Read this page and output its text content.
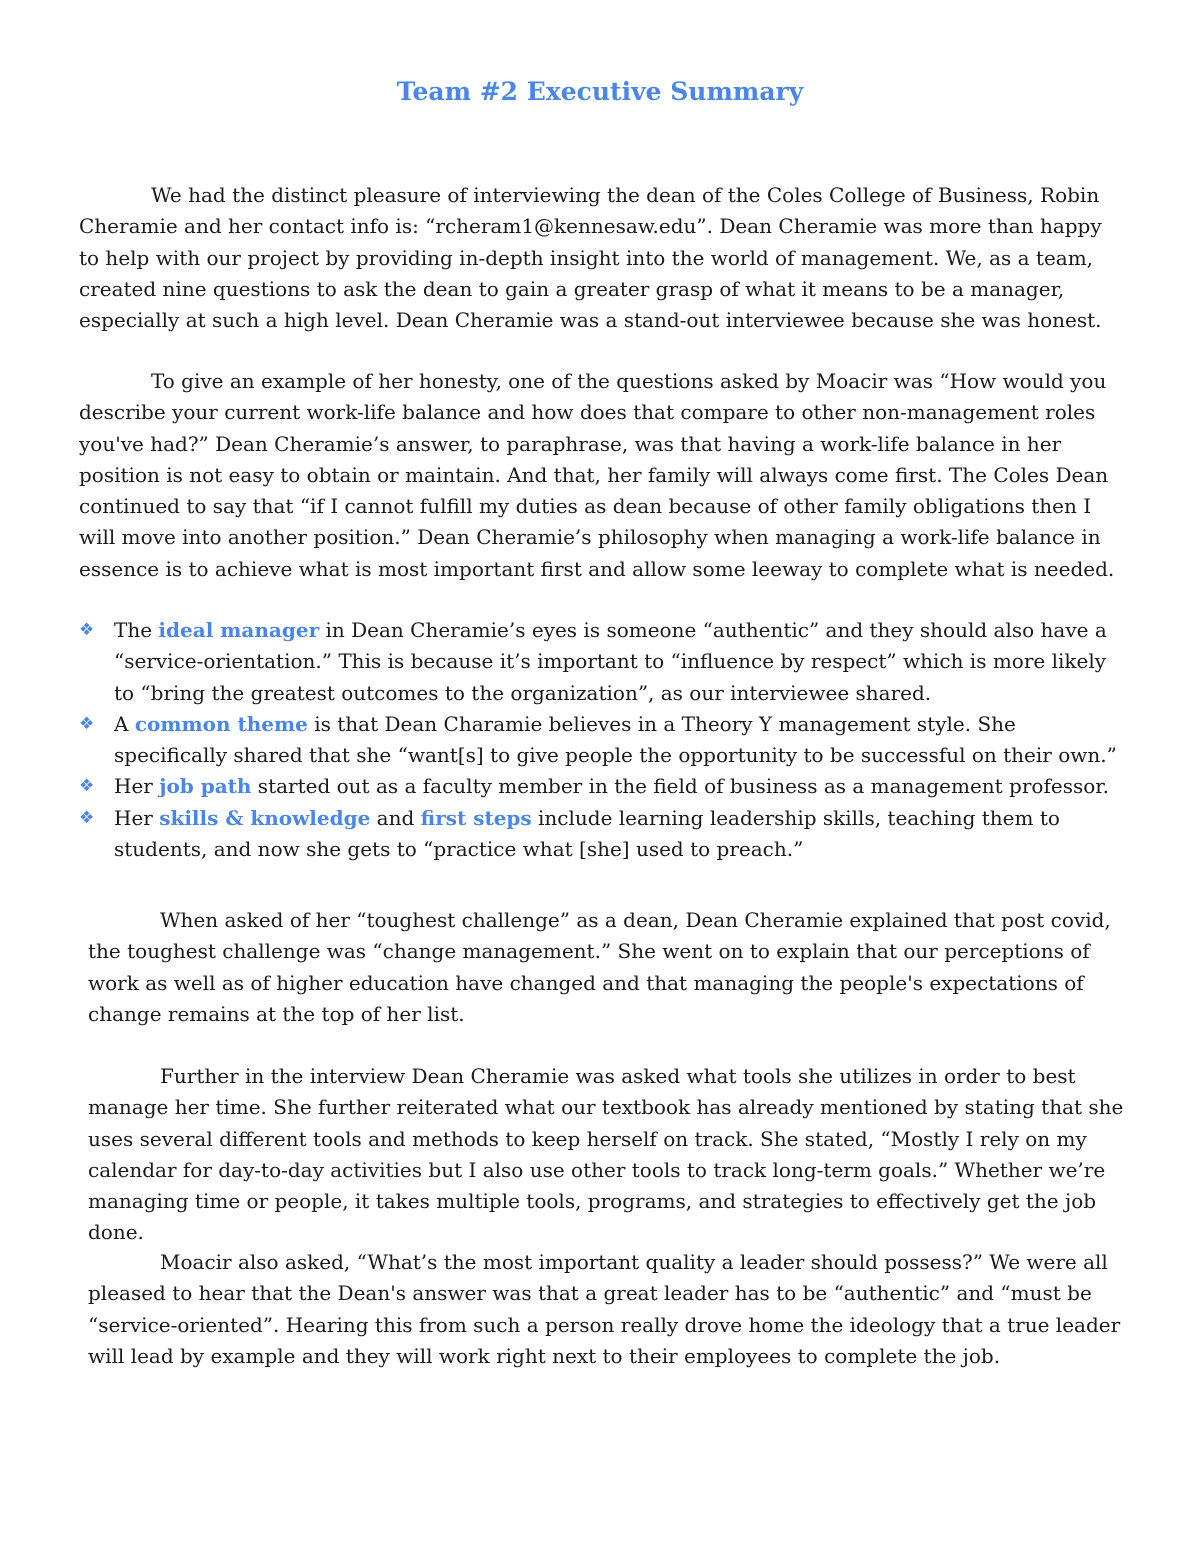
Team #2 Executive Summary

We had the distinct pleasure of interviewing the dean of the Coles College of Business, Robin Cheramie and her contact info is: “rcheram1@kennesaw.edu”. Dean Cheramie was more than happy to help with our project by providing in-depth insight into the world of management. We, as a team, created nine questions to ask the dean to gain a greater grasp of what it means to be a manager, especially at such a high level. Dean Cheramie was a stand-out interviewee because she was honest.

To give an example of her honesty, one of the questions asked by Moacir was “How would you describe your current work-life balance and how does that compare to other non-management roles you've had?” Dean Cheramie’s answer, to paraphrase, was that having a work-life balance in her position is not easy to obtain or maintain. And that, her family will always come first. The Coles Dean continued to say that “if I cannot fulfill my duties as dean because of other family obligations then I will move into another position.” Dean Cheramie’s philosophy when managing a work-life balance in essence is to achieve what is most important first and allow some leeway to complete what is needed.

❖ The ideal manager in Dean Cheramie’s eyes is someone “authentic” and they should also have a “service-orientation.” This is because it’s important to “influence by respect” which is more likely to “bring the greatest outcomes to the organization”, as our interviewee shared.
❖ A common theme is that Dean Charamie believes in a Theory Y management style. She specifically shared that she “want[s] to give people the opportunity to be successful on their own.”
❖ Her job path started out as a faculty member in the field of business as a management professor.
❖ Her skills & knowledge and first steps include learning leadership skills, teaching them to students, and now she gets to “practice what [she] used to preach.”

When asked of her “toughest challenge” as a dean, Dean Cheramie explained that post covid, the toughest challenge was “change management.” She went on to explain that our perceptions of work as well as of higher education have changed and that managing the people's expectations of change remains at the top of her list.

Further in the interview Dean Cheramie was asked what tools she utilizes in order to best manage her time. She further reiterated what our textbook has already mentioned by stating that she uses several different tools and methods to keep herself on track. She stated, “Mostly I rely on my calendar for day-to-day activities but I also use other tools to track long-term goals.” Whether we’re managing time or people, it takes multiple tools, programs, and strategies to effectively get the job done.

Moacir also asked, “What’s the most important quality a leader should possess?” We were all pleased to hear that the Dean's answer was that a great leader has to be “authentic” and “must be “service-oriented”. Hearing this from such a person really drove home the ideology that a true leader will lead by example and they will work right next to their employees to complete the job.
